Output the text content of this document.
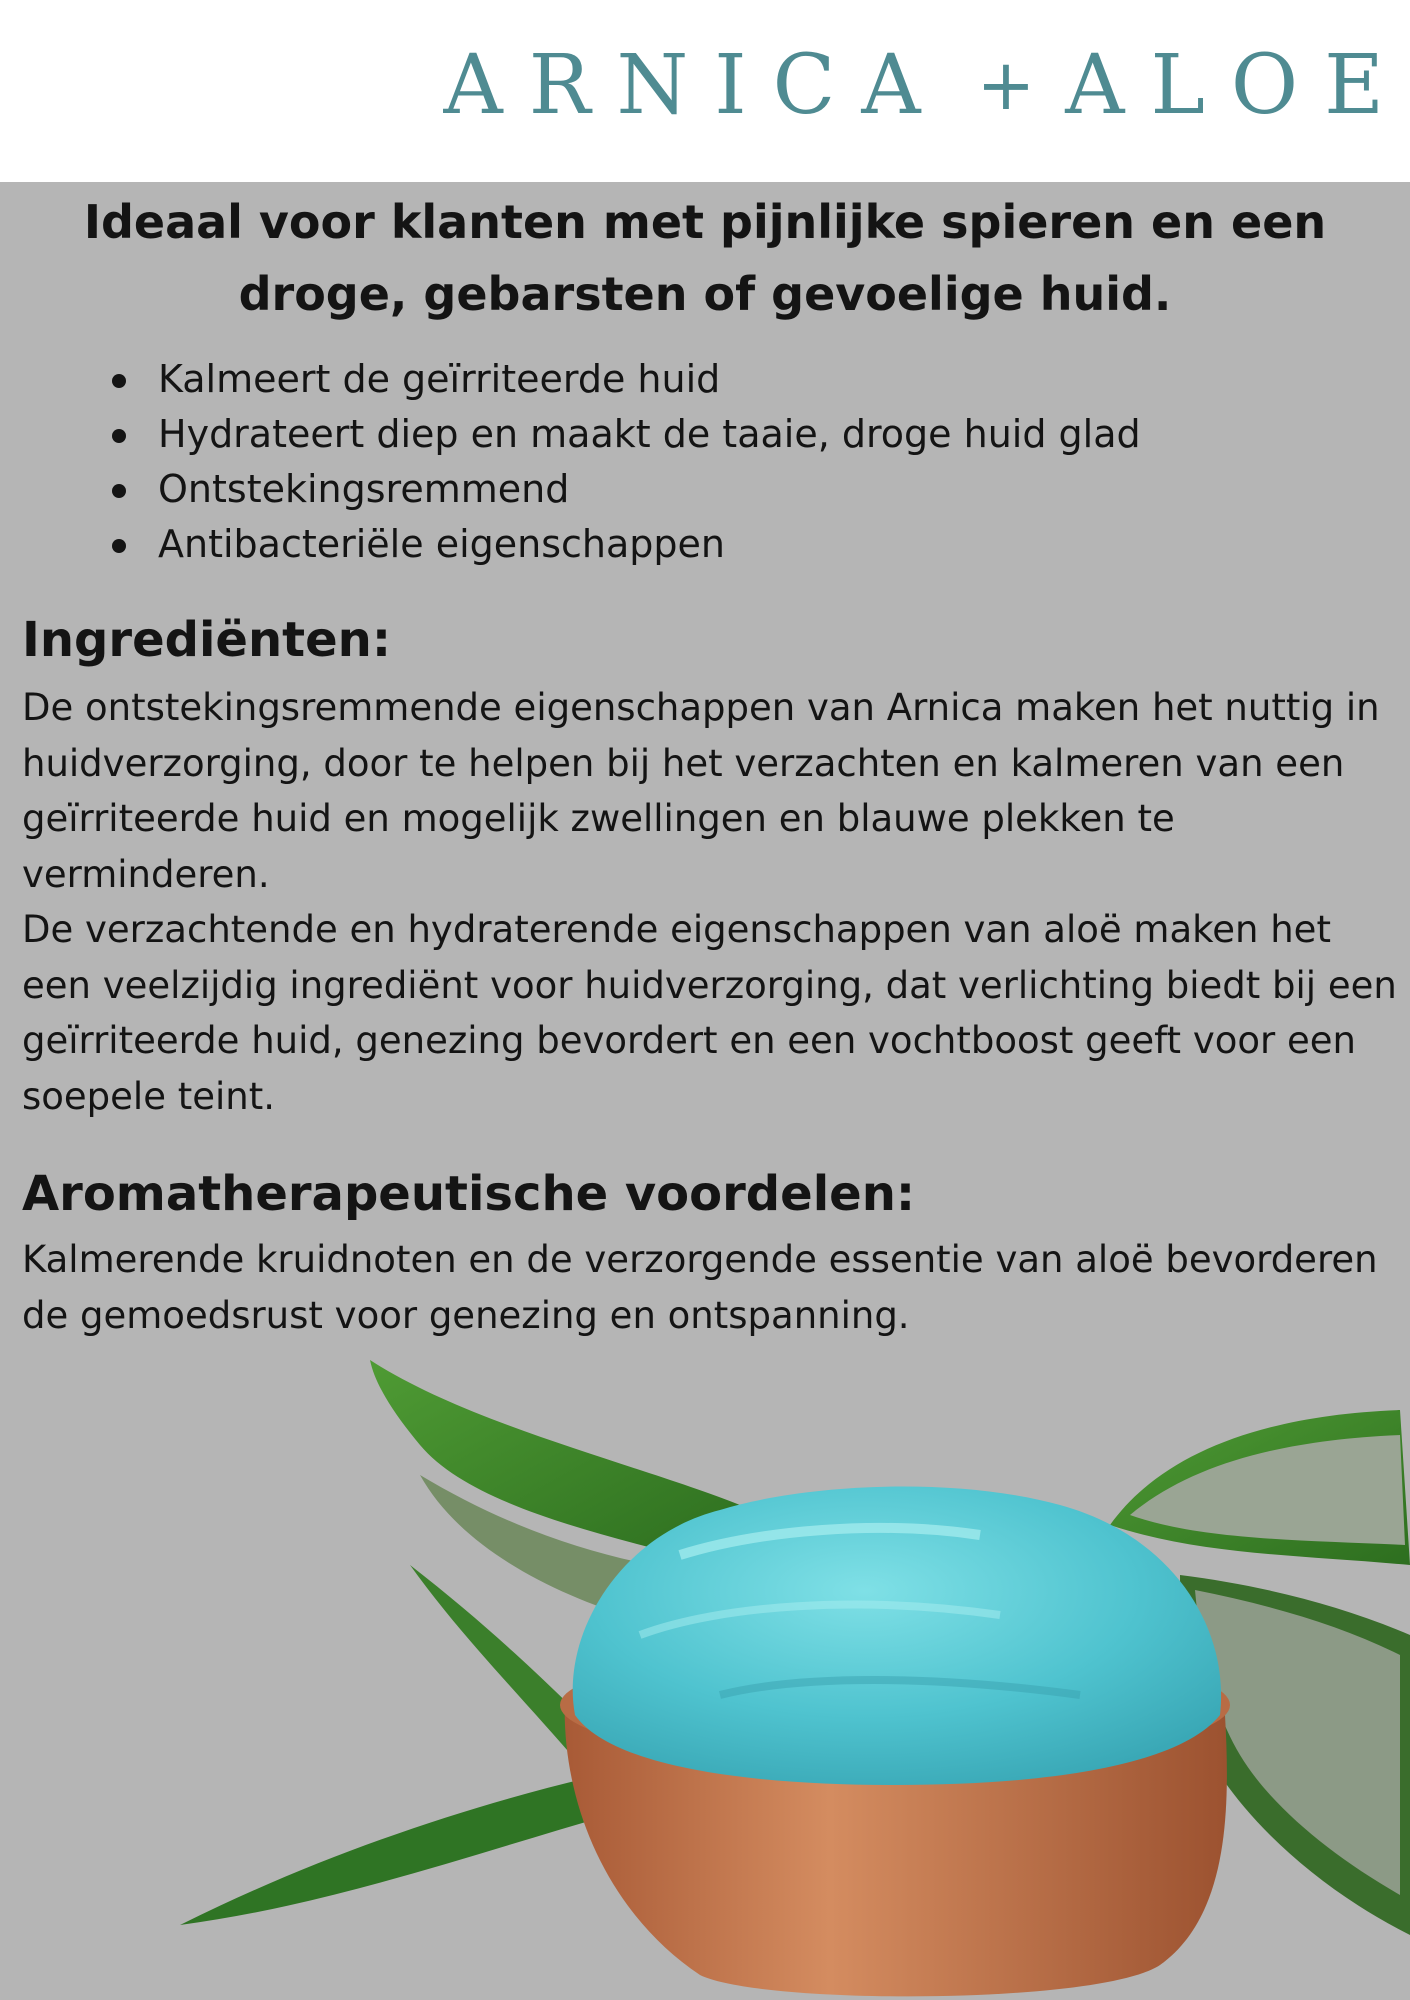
ARNICA + ALOE
Ideaal voor klanten met pijnlijke spieren en een
droge, gebarsten of gevoelige huid.
Kalmeert de geïrriteerde huid
Hydrateert diep en maakt de taaie, droge huid glad
Ontstekingsremmend
Antibacteriële eigenschappen
Ingrediënten:

De ontstekingsremmende eigenschappen van Arnica maken het nuttig in huidverzorging, door te helpen bij het verzachten en kalmeren van een geïrriteerde huid en mogelijk zwellingen en blauwe plekken te verminderen.

De verzachtende en hydraterende eigenschappen van aloë maken het een veelzijdig ingrediënt voor huidverzorging, dat verlichting biedt bij een geïrriteerde huid, genezing bevordert en een vochtboost geeft voor een soepele teint.

Aromatherapeutische voordelen:

Kalmerende kruidnoten en de verzorgende essentie van aloë bevorderen de gemoedsrust voor genezing en ontspanning.
